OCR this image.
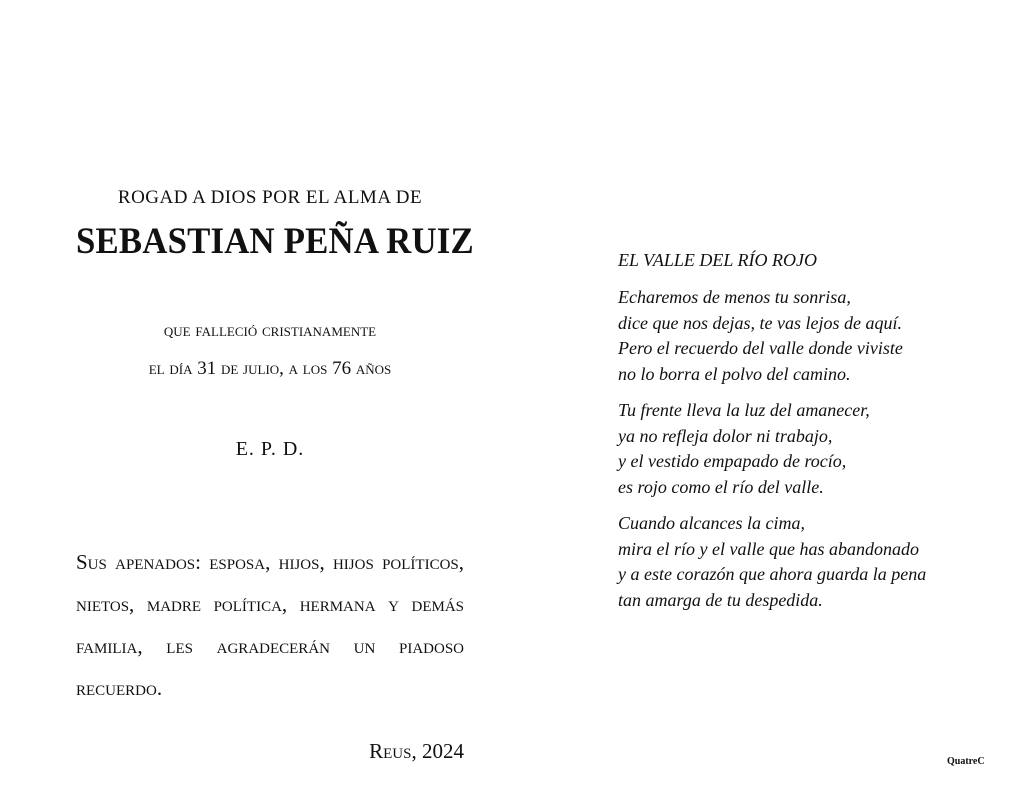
ROGAD A DIOS POR EL ALMA DE
SEBASTIAN PEÑA RUIZ
que falleció cristianamente
el día 31 de julio, a los 76 años
E. P. D.
Sus apenados: esposa, hijos, hijos políticos, nietos, madre política, hermana y demás familia, les agradecerán un piadoso recuerdo.
Reus, 2024
EL VALLE DEL RÍO ROJO
Echaremos de menos tu sonrisa,
dice que nos dejas, te vas lejos de aquí.
Pero el recuerdo del valle donde viviste
no lo borra el polvo del camino.
Tu frente lleva la luz del amanecer,
ya no refleja dolor ni trabajo,
y el vestido empapado de rocío,
es rojo como el río del valle.
Cuando alcances la cima,
mira el río y el valle que has abandonado
y a este corazón que ahora guarda la pena
tan amarga de tu despedida.
QuatreC
